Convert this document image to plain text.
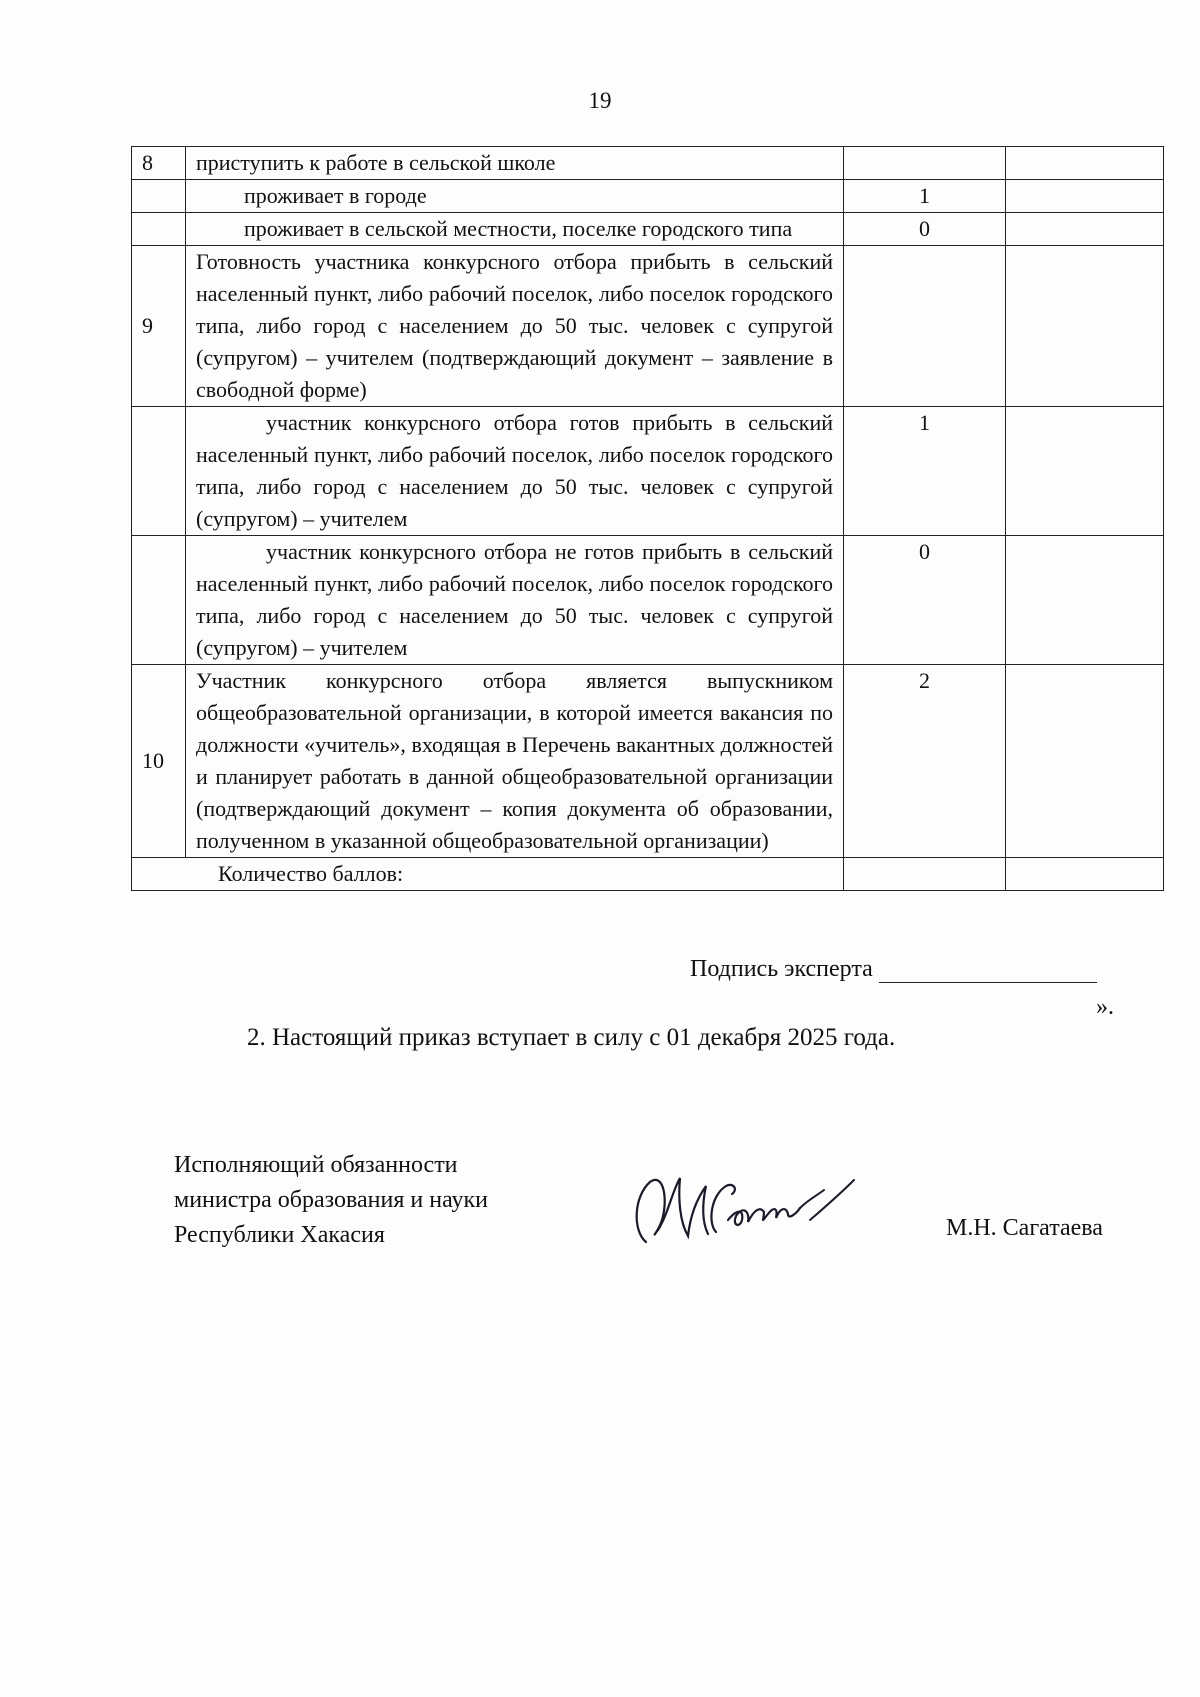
19
8	приступить к работе в сельской школе		
	проживает в городе	1	
	проживает в сельской местности, поселке городского типа	0	
9	Готовность участника конкурсного отбора прибыть в сельский населенный пункт, либо рабочий поселок, либо поселок городского типа, либо город с населением до 50 тыс. человек с супругой (супругом) – учителем (подтверждающий документ – заявление в свободной форме)		
	участник конкурсного отбора готов прибыть в сельский населенный пункт, либо рабочий поселок, либо поселок городского типа, либо город с населением до 50 тыс. человек с супругой (супругом) – учителем	1	
	участник конкурсного отбора не готов прибыть в сельский населенный пункт, либо рабочий поселок, либо поселок городского типа, либо город с населением до 50 тыс. человек с супругой (супругом) – учителем	0	
10	Участник конкурсного отбора является выпускником общеобразовательной организации, в которой имеется вакансия по должности «учитель», входящая в Перечень вакантных должностей и планирует работать в данной общеобразовательной организации (подтверждающий документ – копия документа об образовании, полученном в указанной общеобразовательной организации)	2	
Количество баллов:			
Подпись эксперта
».
2. Настоящий приказ вступает в силу с 01 декабря 2025 года.
Исполняющий обязанности
министра образования и науки
Республики Хакасия	М.Н. Сагатаева
